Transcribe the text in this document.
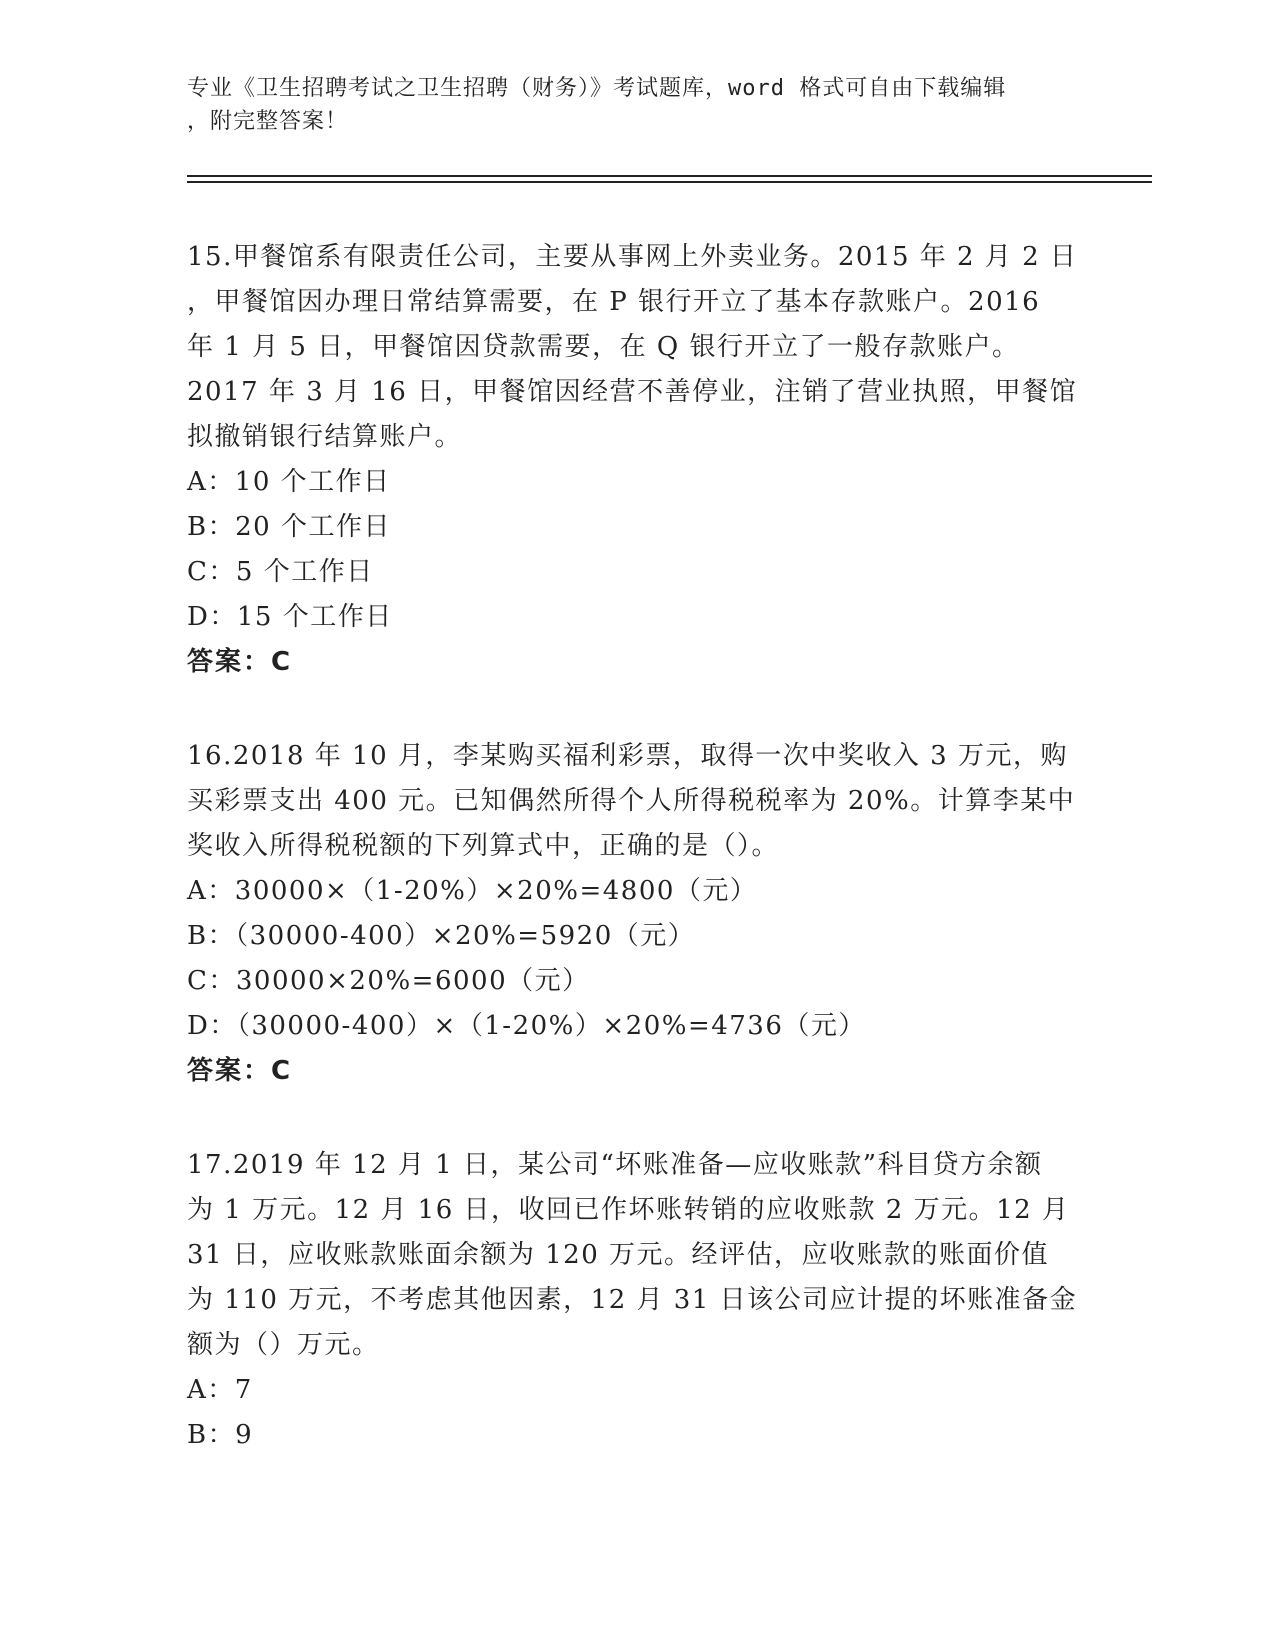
专业《卫生招聘考试之卫生招聘（财务）》考试题库，word 格式可自由下载编辑
，附完整答案！
15.甲餐馆系有限责任公司，主要从事网上外卖业务。2015 年 2 月 2 日
，甲餐馆因办理日常结算需要，在 P 银行开立了基本存款账户。2016
年 1 月 5 日，甲餐馆因贷款需要，在 Q 银行开立了一般存款账户。
2017 年 3 月 16 日，甲餐馆因经营不善停业，注销了营业执照，甲餐馆
拟撤销银行结算账户。
A：10 个工作日
B：20 个工作日
C：5 个工作日
D：15 个工作日
答案：C
16.2018 年 10 月，李某购买福利彩票，取得一次中奖收入 3 万元，购
买彩票支出 400 元。已知偶然所得个人所得税税率为 20%。计算李某中
奖收入所得税税额的下列算式中，正确的是（）。
A：30000×（1-20%）×20%=4800（元）
B：（30000-400）×20%=5920（元）
C：30000×20%=6000（元）
D：（30000-400）×（1-20%）×20%=4736（元）
答案：C
17.2019 年 12 月 1 日，某公司“坏账准备—应收账款”科目贷方余额
为 1 万元。12 月 16 日，收回已作坏账转销的应收账款 2 万元。12 月
31 日，应收账款账面余额为 120 万元。经评估，应收账款的账面价值
为 110 万元，不考虑其他因素，12 月 31 日该公司应计提的坏账准备金
额为（）万元。
A：7
B：9
